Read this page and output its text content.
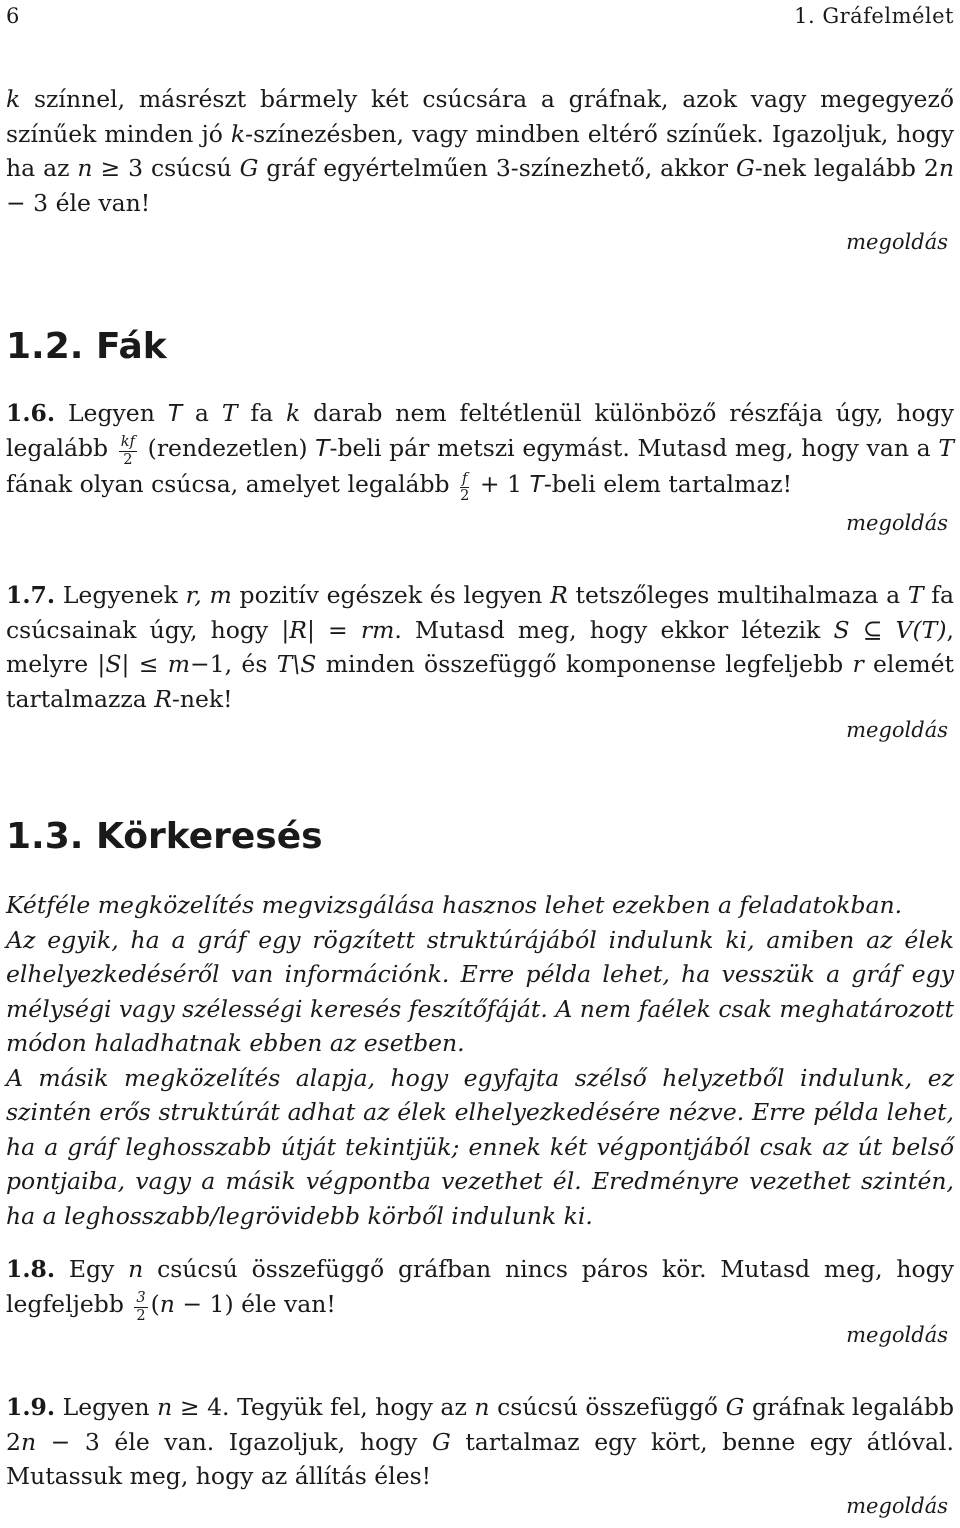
6	1. Gráfelmélet
k színnel, másrészt bármely két csúcsára a gráfnak, azok vagy megegyező színűek minden jó k-színezésben, vagy mindben eltérő színűek. Igazoljuk, hogy ha az n ≥ 3 csúcsú G gráf egyértelműen 3-színezhető, akkor G-nek legalább 2n − 3 éle van!
megoldás
1.2. Fák
1.6. Legyen T a T fa k darab nem feltétlenül különböző részfája úgy, hogy legalább $\frac{kf}{2}$ (rendezetlen) T-beli pár metszi egymást. Mutasd meg, hogy van a T fának olyan csúcsa, amelyet legalább $\frac{f}{2} + 1$ T-beli elem tartalmaz!
megoldás
1.7. Legyenek r, m pozitív egészek és legyen R tetszőleges multihalmaza a T fa csúcsainak úgy, hogy |R| = rm. Mutasd meg, hogy ekkor létezik S ⊆ V(T), melyre |S| ≤ m−1, és T\S minden összefüggő komponense legfeljebb r elemét tartalmazza R-nek!
megoldás
1.3. Körkeresés
Kétféle megközelítés megvizsgálása hasznos lehet ezekben a feladatokban.
Az egyik, ha a gráf egy rögzített struktúrájából indulunk ki, amiben az élek elhelyezkedéséről van információnk. Erre példa lehet, ha vesszük a gráf egy mélységi vagy szélességi keresés feszítőfáját. A nem faélek csak meghatározott módon haladhatnak ebben az esetben.
A másik megközelítés alapja, hogy egyfajta szélső helyzetből indulunk, ez szintén erős struktúrát adhat az élek elhelyezkedésére nézve. Erre példa lehet, ha a gráf leghosszabb útját tekintjük; ennek két végpontjából csak az út belső pontjaiba, vagy a másik végpontba vezethet él. Eredményre vezethet szintén, ha a leghosszabb/legrövidebb körből indulunk ki.
1.8. Egy n csúcsú összefüggő gráfban nincs páros kör. Mutasd meg, hogy legfeljebb $\frac{3}{2} (n - 1)$ éle van!
megoldás
1.9. Legyen n ≥ 4. Tegyük fel, hogy az n csúcsú összefüggő G gráfnak legalább 2n − 3 éle van. Igazoljuk, hogy G tartalmaz egy kört, benne egy átlóval. Mutassuk meg, hogy az állítás éles!
megoldás
